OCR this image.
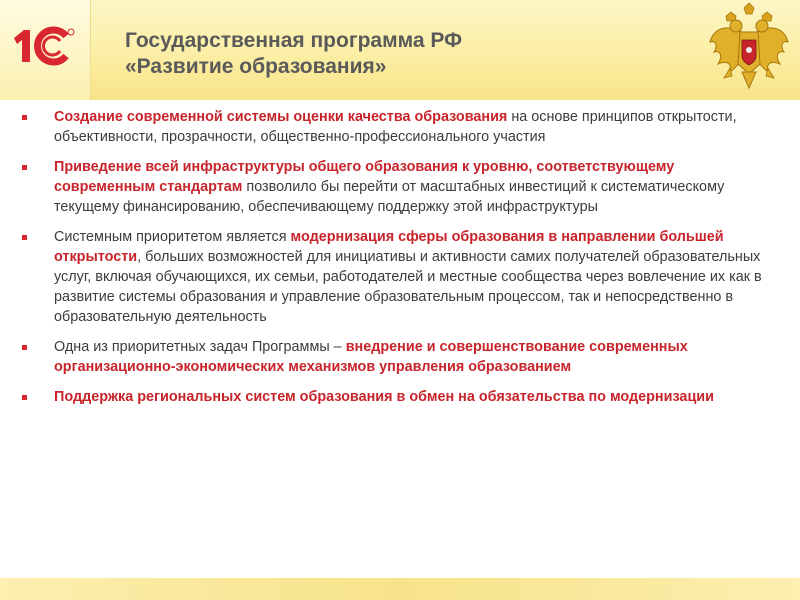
Государственная программа РФ
«Развитие образования»
Создание современной системы оценки качества образования на основе принципов открытости, объективности, прозрачности, общественно-профессионального участия
Приведение всей инфраструктуры общего образования к уровню, соответствующему современным стандартам позволило бы перейти от масштабных инвестиций к систематическому текущему финансированию, обеспечивающему поддержку этой инфраструктуры
Системным приоритетом является модернизация сферы образования в направлении большей открытости, больших возможностей для инициативы и активности самих получателей образовательных услуг, включая обучающихся, их семьи, работодателей и местные сообщества через вовлечение их как в развитие системы образования и управление образовательным процессом, так и непосредственно в образовательную деятельность
Одна из приоритетных задач Программы – внедрение и совершенствование современных организационно-экономических механизмов управления образованием
Поддержка региональных систем образования в обмен на обязательства по модернизации
